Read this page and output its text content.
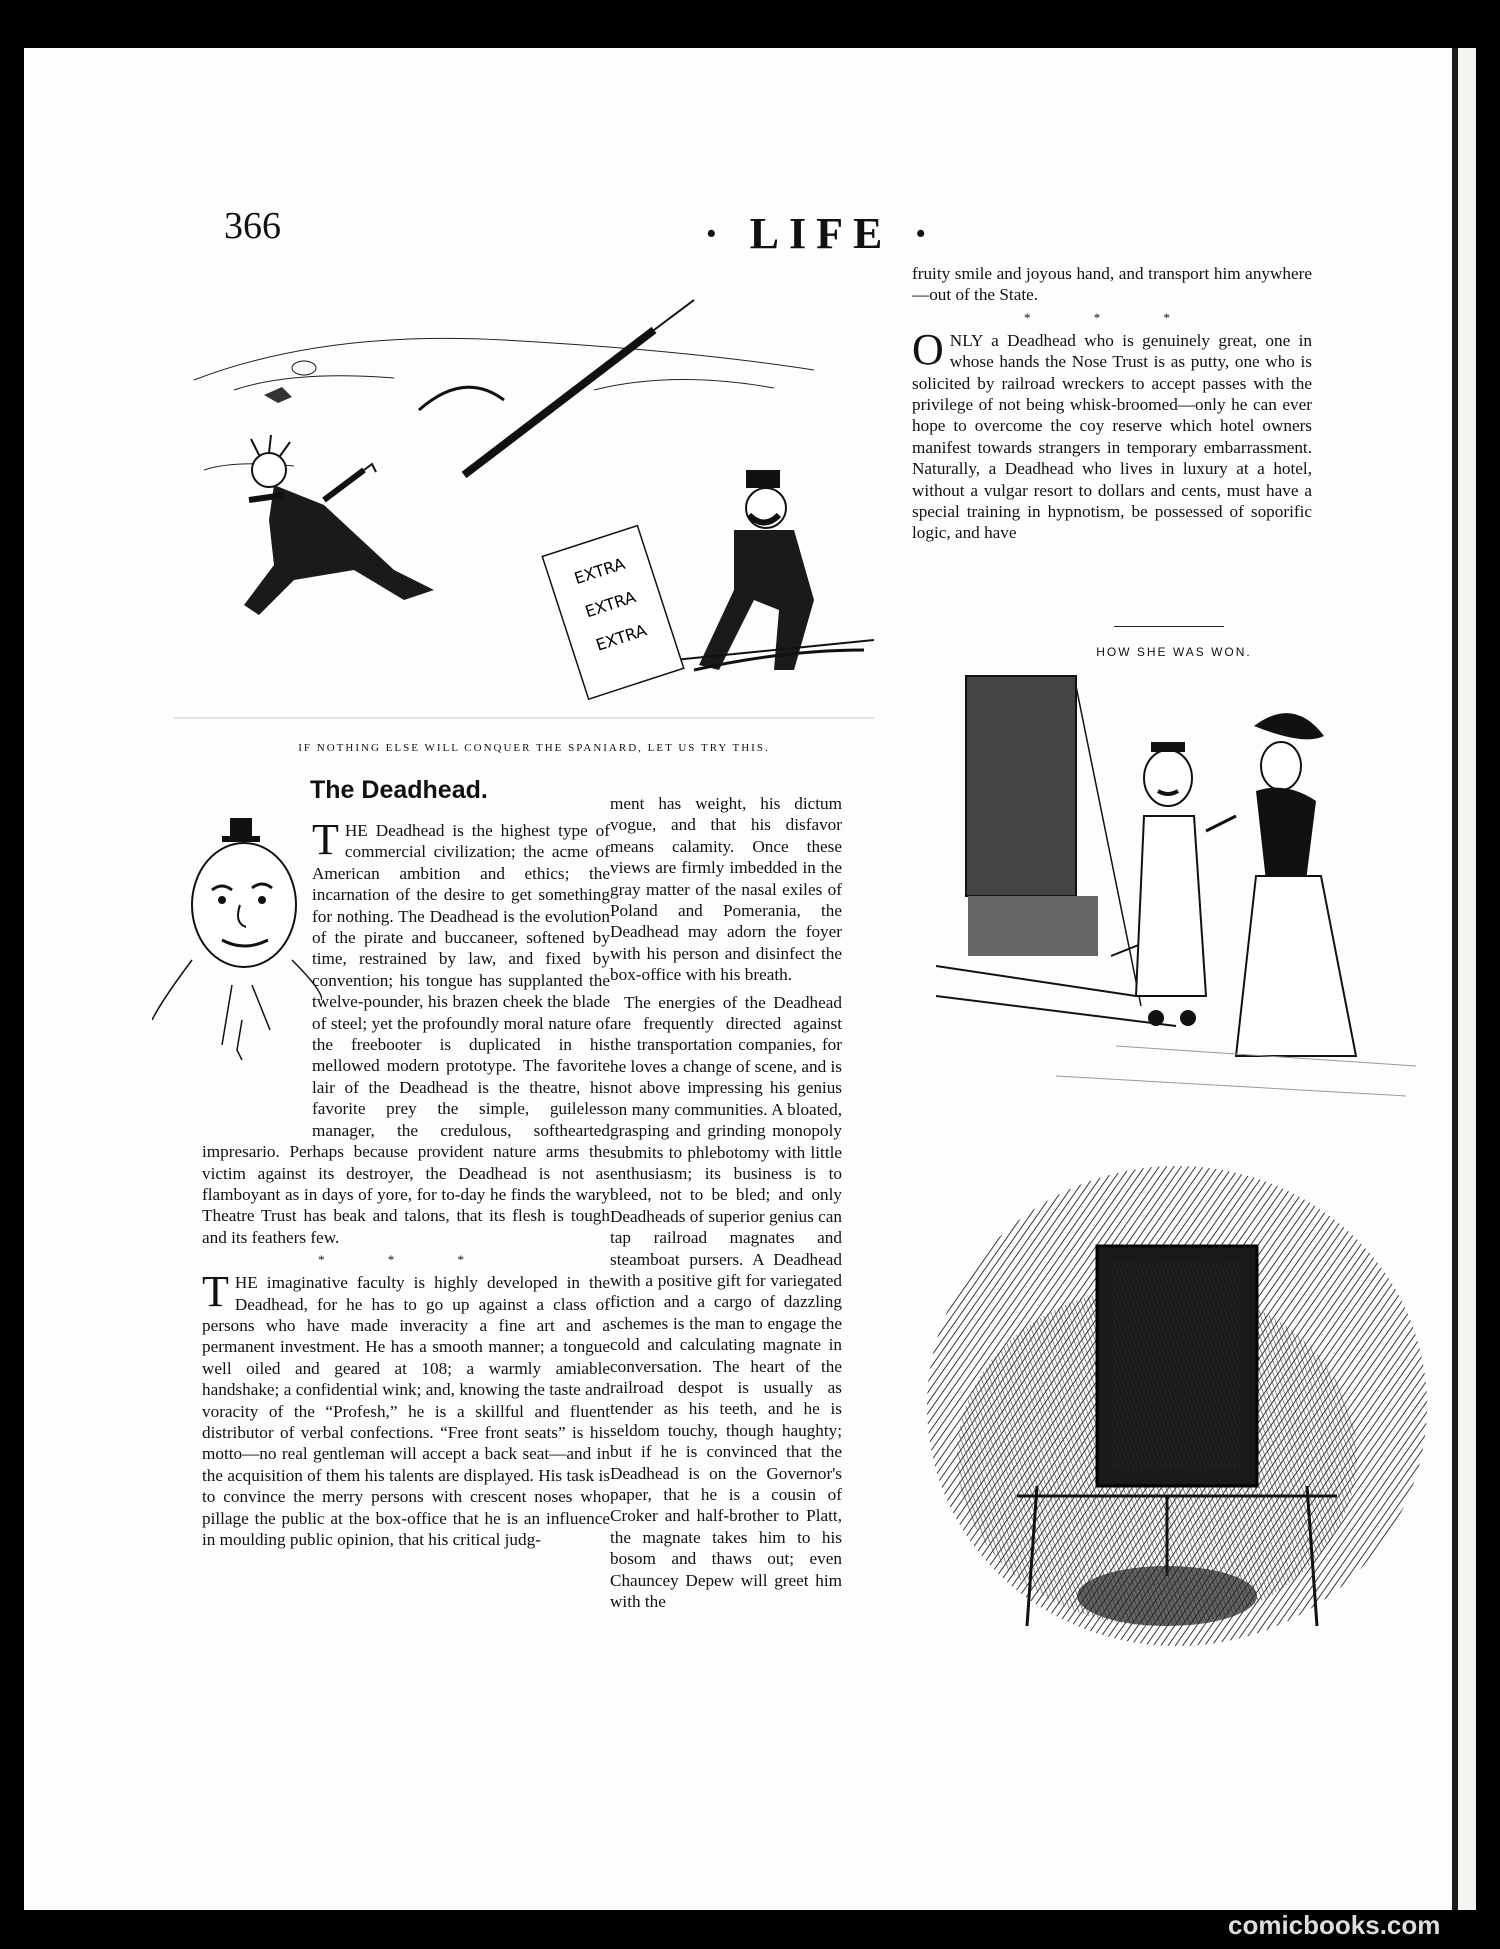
366	· LIFE ·
EXTRA
EXTRA
EXTRA
IF NOTHING ELSE WILL CONQUER THE SPANIARD, LET US TRY THIS.
The Deadhead.

THE Deadhead is the highest type of commercial civilization; the acme of American ambition and ethics; the incarnation of the desire to get something for nothing. The Deadhead is the evolution of the pirate and buccaneer, softened by time, restrained by law, and fixed by convention; his tongue has supplanted the twelve-pounder, his brazen cheek the blade of steel; yet the profoundly moral nature of the freebooter is duplicated in his mellowed modern prototype. The favorite lair of the Deadhead is the theatre, his favorite prey the simple, guileless manager, the credulous, softhearted impresario. Perhaps because provident nature arms the victim against its destroyer, the Deadhead is not as flamboyant as in days of yore, for to-day he finds the wary Theatre Trust has beak and talons, that its flesh is tough and its feathers few.

* * *

THE imaginative faculty is highly developed in the Deadhead, for he has to go up against a class of persons who have made inveracity a fine art and a permanent investment. He has a smooth manner; a tongue well oiled and geared at 108; a warmly amiable handshake; a confidential wink; and, knowing the taste and voracity of the “Profesh,” he is a skillful and fluent distributor of verbal confections. “Free front seats” is his motto—no real gentleman will accept a back seat—and in the acquisition of them his talents are displayed. His task is to convince the merry persons with crescent noses who pillage the public at the box-office that he is an influence in moulding public opinion, that his critical judg-

ment has weight, his dictum vogue, and that his disfavor means calamity. Once these views are firmly imbedded in the gray matter of the nasal exiles of Poland and Pomerania, the Deadhead may adorn the foyer with his person and disinfect the box-office with his breath.

The energies of the Deadhead are frequently directed against the transportation companies, for he loves a change of scene, and is not above impressing his genius on many communities. A bloated, grasping and grinding monopoly submits to phlebotomy with little enthusiasm; its business is to bleed, not to be bled; and only Deadheads of superior genius can tap railroad magnates and steamboat pursers. A Deadhead with a positive gift for variegated fiction and a cargo of dazzling schemes is the man to engage the cold and calculating magnate in conversation. The heart of the railroad despot is usually as tender as his teeth, and he is seldom touchy, though haughty; but if he is convinced that the Deadhead is on the Governor's paper, that he is a cousin of Croker and half-brother to Platt, the magnate takes him to his bosom and thaws out; even Chauncey Depew will greet him with the

fruity smile and joyous hand, and transport him anywhere—out of the State.

* * *

ONLY a Deadhead who is genuinely great, one in whose hands the Nose Trust is as putty, one who is solicited by railroad wreckers to accept passes with the privilege of not being whisk-broomed—only he can ever hope to overcome the coy reserve which hotel owners manifest towards strangers in temporary embarrassment. Naturally, a Deadhead who lives in luxury at a hotel, without a vulgar resort to dollars and cents, must have a special training in hypnotism, be possessed of soporific logic, and have

HOW SHE WAS WON.
comicbooks.com
